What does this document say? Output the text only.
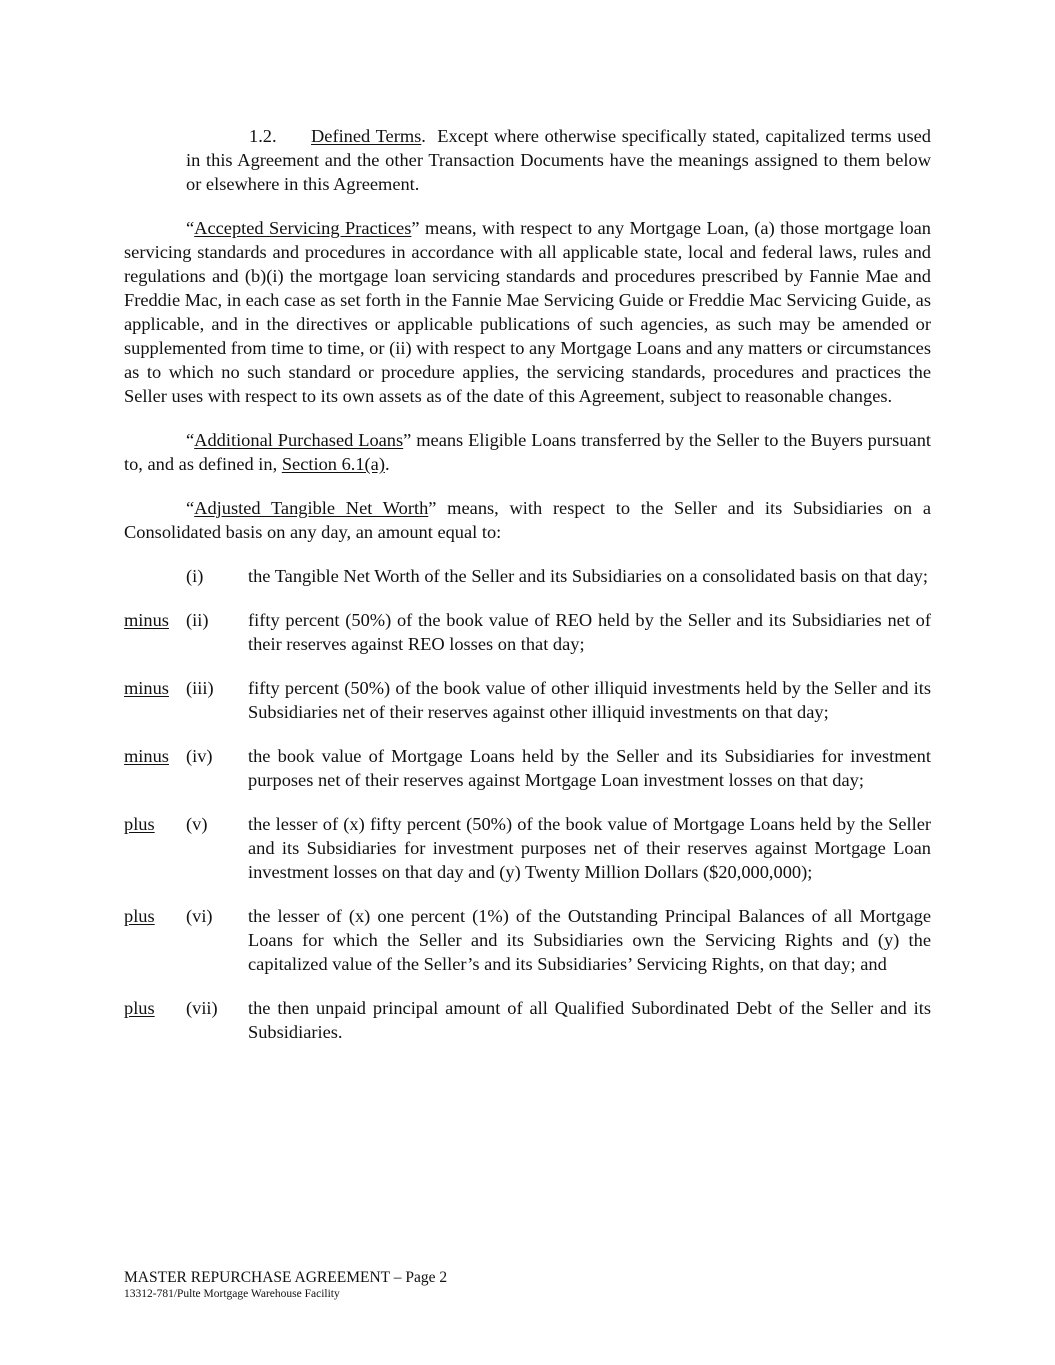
1.2. Defined Terms. Except where otherwise specifically stated, capitalized terms used in this Agreement and the other Transaction Documents have the meanings assigned to them below or elsewhere in this Agreement.

“Accepted Servicing Practices” means, with respect to any Mortgage Loan, (a) those mortgage loan servicing standards and procedures in accordance with all applicable state, local and federal laws, rules and regulations and (b)(i) the mortgage loan servicing standards and procedures prescribed by Fannie Mae and Freddie Mac, in each case as set forth in the Fannie Mae Servicing Guide or Freddie Mac Servicing Guide, as applicable, and in the directives or applicable publications of such agencies, as such may be amended or supplemented from time to time, or (ii) with respect to any Mortgage Loans and any matters or circumstances as to which no such standard or procedure applies, the servicing standards, procedures and practices the Seller uses with respect to its own assets as of the date of this Agreement, subject to reasonable changes.

“Additional Purchased Loans” means Eligible Loans transferred by the Seller to the Buyers pursuant to, and as defined in, Section 6.1(a).

“Adjusted Tangible Net Worth” means, with respect to the Seller and its Subsidiaries on a Consolidated basis on any day, an amount equal to:

(i)	the Tangible Net Worth of the Seller and its Subsidiaries on a consolidated basis on that day;

minus (ii)	fifty percent (50%) of the book value of REO held by the Seller and its Subsidiaries net of their reserves against REO losses on that day;

minus (iii)	fifty percent (50%) of the book value of other illiquid investments held by the Seller and its Subsidiaries net of their reserves against other illiquid investments on that day;

minus (iv)	the book value of Mortgage Loans held by the Seller and its Subsidiaries for investment purposes net of their reserves against Mortgage Loan investment losses on that day;

plus	(v)	the lesser of (x) fifty percent (50%) of the book value of Mortgage Loans held by the Seller and its Subsidiaries for investment purposes net of their reserves against Mortgage Loan investment losses on that day and (y) Twenty Million Dollars ($20,000,000);

plus	(vi)	the lesser of (x) one percent (1%) of the Outstanding Principal Balances of all Mortgage Loans for which the Seller and its Subsidiaries own the Servicing Rights and (y) the capitalized value of the Seller’s and its Subsidiaries’ Servicing Rights, on that day; and

plus	(vii)	the then unpaid principal amount of all Qualified Subordinated Debt of the Seller and its Subsidiaries.

MASTER REPURCHASE AGREEMENT – Page 2
13312-781/Pulte Mortgage Warehouse Facility
